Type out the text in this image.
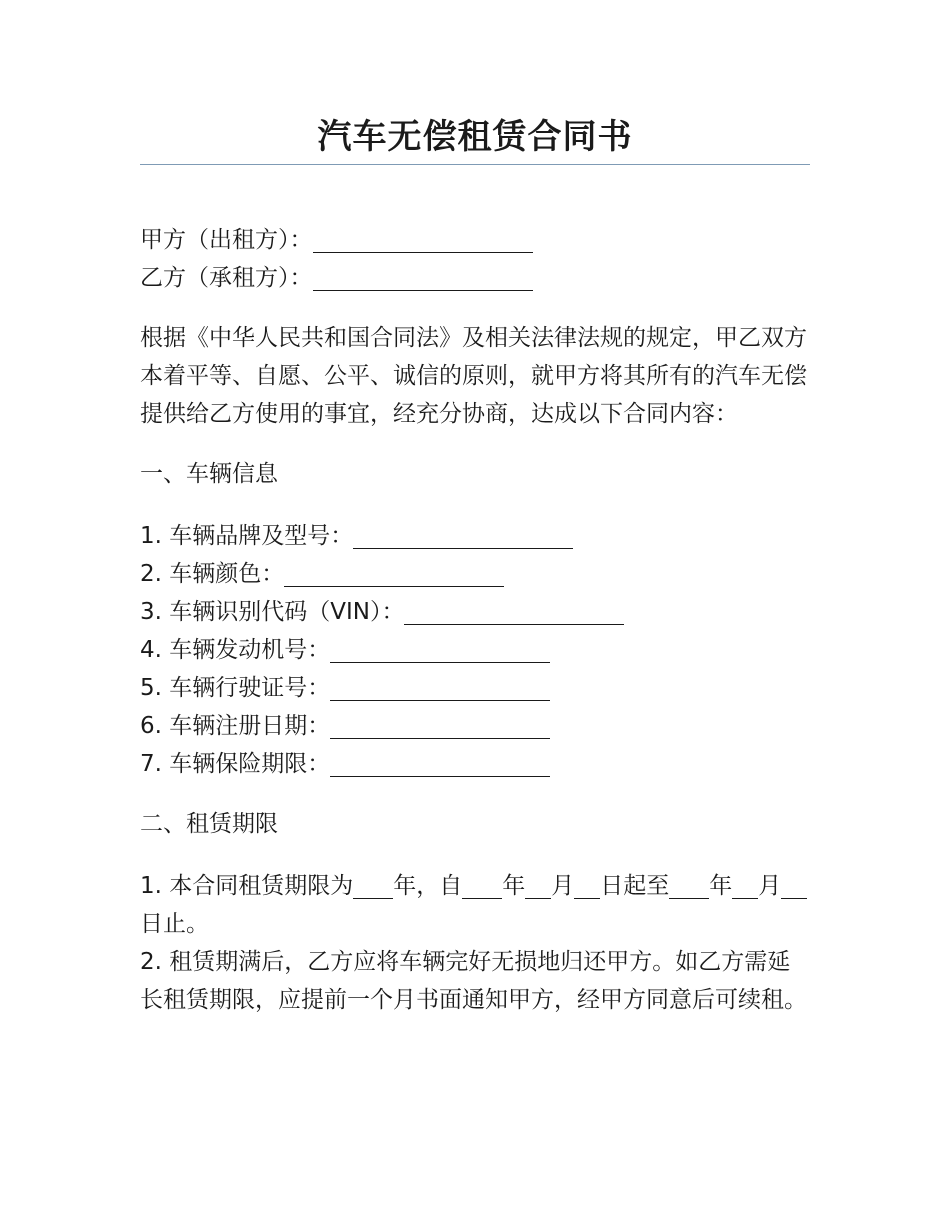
汽车无偿租赁合同书
甲方（出租方）：
乙方（承租方）：
根据《中华人民共和国合同法》及相关法律法规的规定，甲乙双方本着平等、自愿、公平、诚信的原则，就甲方将其所有的汽车无偿提供给乙方使用的事宜，经充分协商，达成以下合同内容：
一、车辆信息
1. 车辆品牌及型号：
2. 车辆颜色：
3. 车辆识别代码（VIN）：
4. 车辆发动机号：
5. 车辆行驶证号：
6. 车辆注册日期：
7. 车辆保险期限：
二、租赁期限
1. 本合同租赁期限为 年，自 年 月 日起至 年 月日止。
2. 租赁期满后，乙方应将车辆完好无损地归还甲方。如乙方需延长租赁期限，应提前一个月书面通知甲方，经甲方同意后可续租。
